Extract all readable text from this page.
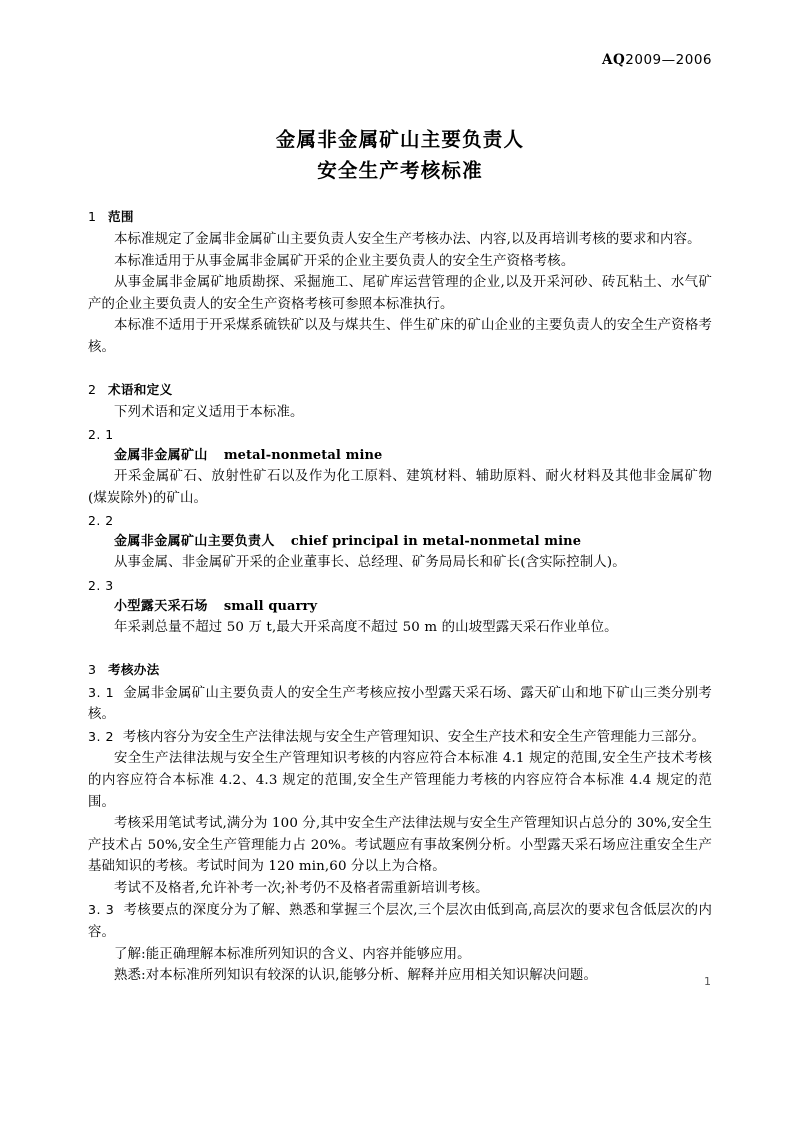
AQ2009—2006
金属非金属矿山主要负责人
安全生产考核标准
1 范围

本标准规定了金属非金属矿山主要负责人安全生产考核办法、内容,以及再培训考核的要求和内容。

本标准适用于从事金属非金属矿开采的企业主要负责人的安全生产资格考核。

从事金属非金属矿地质勘探、采掘施工、尾矿库运营管理的企业,以及开采河砂、砖瓦粘土、水气矿产的企业主要负责人的安全生产资格考核可参照本标准执行。

本标准不适用于开采煤系硫铁矿以及与煤共生、伴生矿床的矿山企业的主要负责人的安全生产资格考核。

2 术语和定义

下列术语和定义适用于本标准。

2. 1
金属非金属矿山 metal-nonmetal mine

开采金属矿石、放射性矿石以及作为化工原料、建筑材料、辅助原料、耐火材料及其他非金属矿物(煤炭除外)的矿山。

2. 2
金属非金属矿山主要负责人 chief principal in metal-nonmetal mine

从事金属、非金属矿开采的企业董事长、总经理、矿务局局长和矿长(含实际控制人)。

2. 3
小型露天采石场 small quarry

年采剥总量不超过 50 万 t,最大开采高度不超过 50 m 的山坡型露天采石作业单位。

3 考核办法

3. 1 金属非金属矿山主要负责人的安全生产考核应按小型露天采石场、露天矿山和地下矿山三类分别考核。

3. 2 考核内容分为安全生产法律法规与安全生产管理知识、安全生产技术和安全生产管理能力三部分。

安全生产法律法规与安全生产管理知识考核的内容应符合本标准 4.1 规定的范围,安全生产技术考核的内容应符合本标准 4.2、4.3 规定的范围,安全生产管理能力考核的内容应符合本标准 4.4 规定的范围。

考核采用笔试考试,满分为 100 分,其中安全生产法律法规与安全生产管理知识占总分的 30%,安全生产技术占 50%,安全生产管理能力占 20%。考试题应有事故案例分析。小型露天采石场应注重安全生产基础知识的考核。考试时间为 120 min,60 分以上为合格。

考试不及格者,允许补考一次;补考仍不及格者需重新培训考核。

3. 3 考核要点的深度分为了解、熟悉和掌握三个层次,三个层次由低到高,高层次的要求包含低层次的内容。

了解:能正确理解本标准所列知识的含义、内容并能够应用。

熟悉:对本标准所列知识有较深的认识,能够分析、解释并应用相关知识解决问题。	1
